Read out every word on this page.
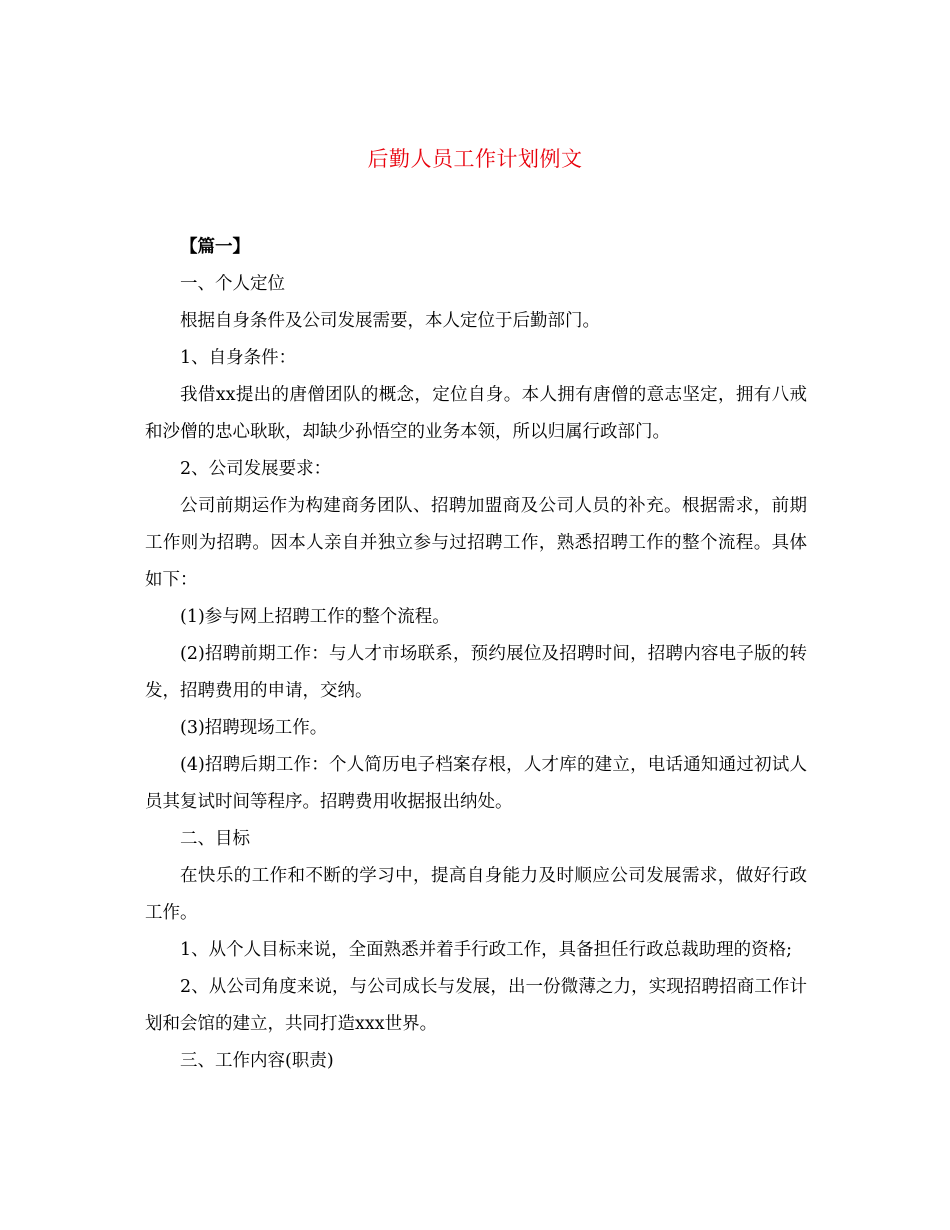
后勤人员工作计划例文

【篇一】

一、个人定位

根据自身条件及公司发展需要，本人定位于后勤部门。

1、自身条件：

我借xx提出的唐僧团队的概念，定位自身。本人拥有唐僧的意志坚定，拥有八戒和沙僧的忠心耿耿，却缺少孙悟空的业务本领，所以归属行政部门。

2、公司发展要求：

公司前期运作为构建商务团队、招聘加盟商及公司人员的补充。根据需求，前期工作则为招聘。因本人亲自并独立参与过招聘工作，熟悉招聘工作的整个流程。具体如下：

(1)参与网上招聘工作的整个流程。

(2)招聘前期工作：与人才市场联系，预约展位及招聘时间，招聘内容电子版的转发，招聘费用的申请，交纳。

(3)招聘现场工作。

(4)招聘后期工作：个人简历电子档案存根，人才库的建立，电话通知通过初试人员其复试时间等程序。招聘费用收据报出纳处。

二、目标

在快乐的工作和不断的学习中，提高自身能力及时顺应公司发展需求，做好行政工作。

1、从个人目标来说，全面熟悉并着手行政工作，具备担任行政总裁助理的资格;

2、从公司角度来说，与公司成长与发展，出一份微薄之力，实现招聘招商工作计划和会馆的建立，共同打造xxx世界。

三、工作内容(职责)
